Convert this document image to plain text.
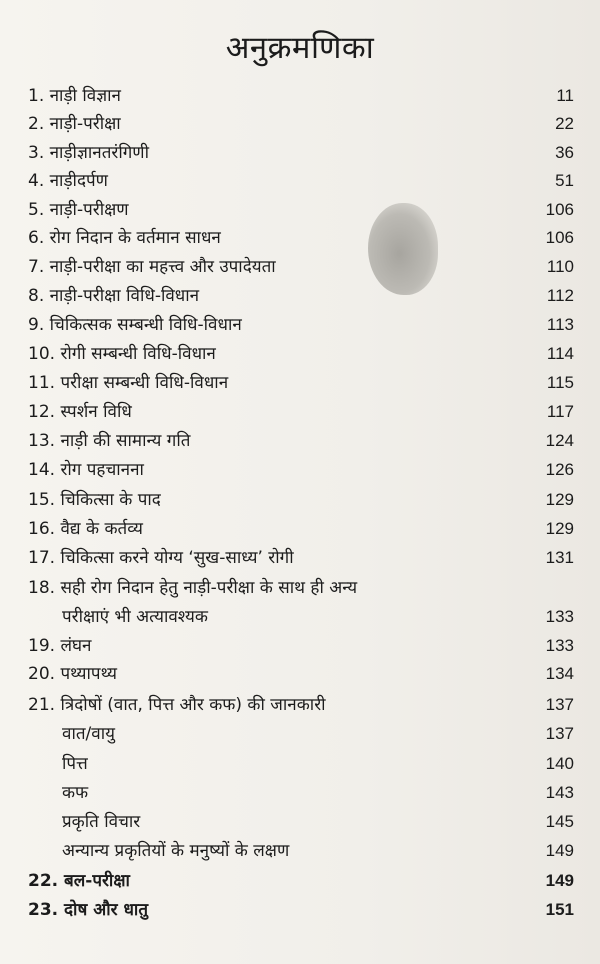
अनुक्रमणिका
1. नाड़ी विज्ञान	11
2. नाड़ी-परीक्षा	22
3. नाड़ीज्ञानतरंगिणी	36
4. नाड़ीदर्पण	51
5. नाड़ी-परीक्षण	106
6. रोग निदान के वर्तमान साधन	106
7. नाड़ी-परीक्षा का महत्त्व और उपादेयता	110
8. नाड़ी-परीक्षा विधि-विधान	112
9. चिकित्सक सम्बन्धी विधि-विधान	113
10. रोगी सम्बन्धी विधि-विधान	114
11. परीक्षा सम्बन्धी विधि-विधान	115
12. स्पर्शन विधि	117
13. नाड़ी की सामान्य गति	124
14. रोग पहचानना	126
15. चिकित्सा के पाद	129
16. वैद्य के कर्तव्य	129
17. चिकित्सा करने योग्य ‘सुख-साध्य’ रोगी	131
18. सही रोग निदान हेतु नाड़ी-परीक्षा के साथ ही अन्य
परीक्षाएं भी अत्यावश्यक	133
19. लंघन	133
20. पथ्यापथ्य	134
21. त्रिदोषों (वात, पित्त और कफ) की जानकारी	137
वात/वायु	137
पित्त	140
कफ	143
प्रकृति विचार	145
अन्यान्य प्रकृतियों के मनुष्यों के लक्षण	149
22. बल-परीक्षा	149
23. दोष और धातु	151
